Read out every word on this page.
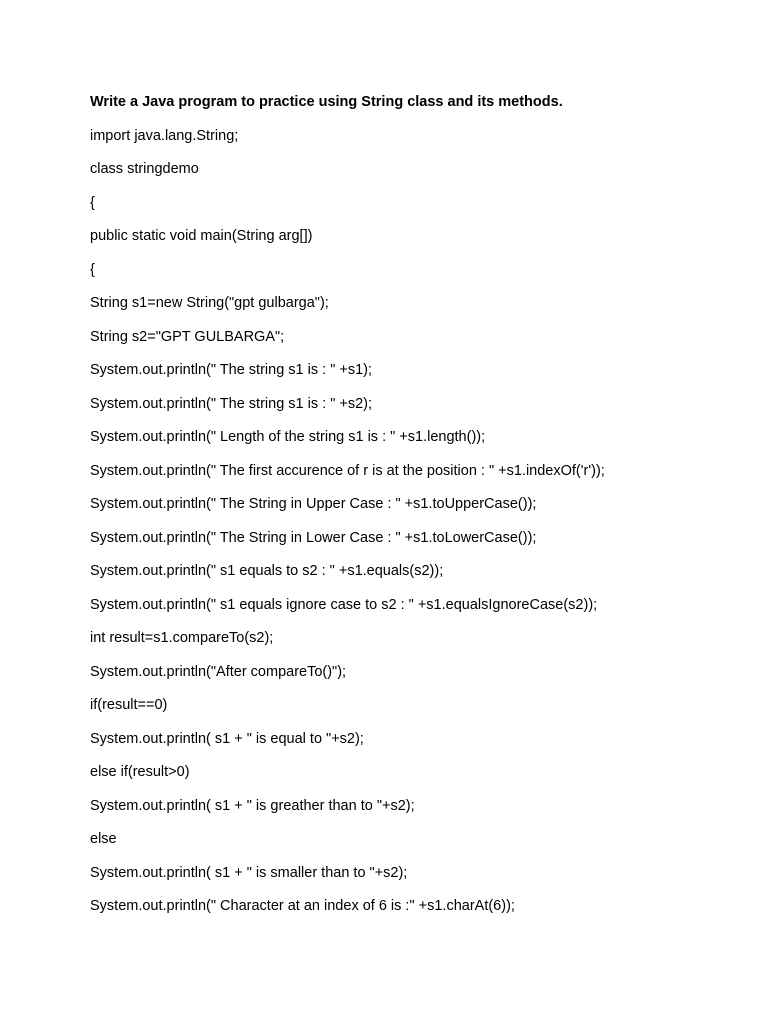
Write a Java program to practice using String class and its methods.
import java.lang.String;
class stringdemo
{
public static void main(String arg[])
{
String s1=new String("gpt gulbarga");
String s2="GPT GULBARGA";
System.out.println(" The string s1 is : " +s1);
System.out.println(" The string s1 is : " +s2);
System.out.println(" Length of the string s1 is : " +s1.length());
System.out.println(" The first accurence of r is at the position : " +s1.indexOf('r'));
System.out.println(" The String in Upper Case : " +s1.toUpperCase());
System.out.println(" The String in Lower Case : " +s1.toLowerCase());
System.out.println(" s1 equals to s2 : " +s1.equals(s2));
System.out.println(" s1 equals ignore case to s2 : " +s1.equalsIgnoreCase(s2));
int result=s1.compareTo(s2);
System.out.println("After compareTo()");
if(result==0)
System.out.println( s1 + " is equal to "+s2);
else if(result>0)
System.out.println( s1 + " is greather than to "+s2);
else
System.out.println( s1 + " is smaller than to "+s2);
System.out.println(" Character at an index of 6 is :" +s1.charAt(6));
